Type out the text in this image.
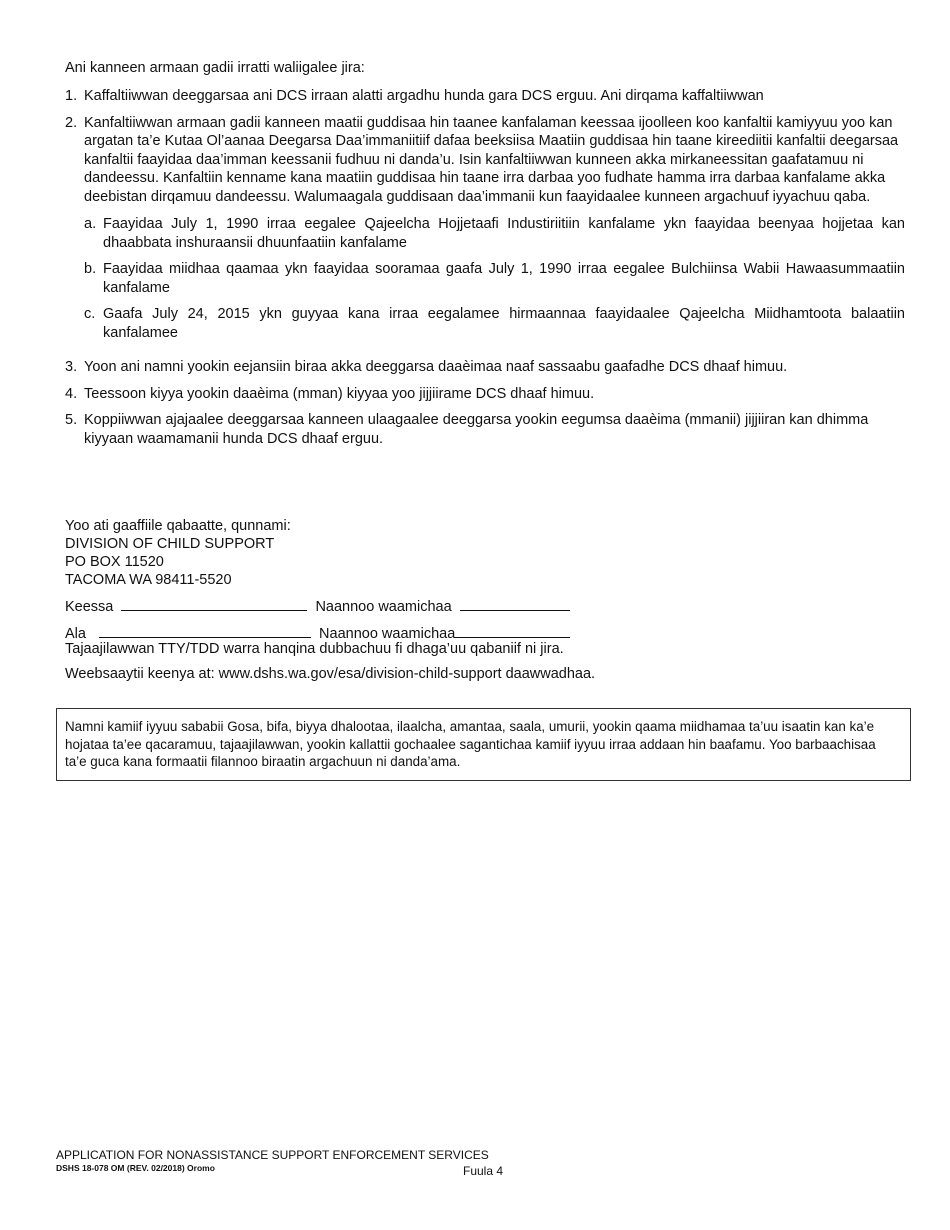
Ani kanneen armaan gadii irratti waliigalee jira:
1. Kaffaltiiwwan deeggarsaa ani DCS irraan alatti argadhu hunda gara DCS erguu. Ani dirqama kaffaltiiwwan
2. Kanfaltiiwwan armaan gadii kanneen maatii guddisaa hin taanee kanfalaman keessaa ijoolleen koo kanfaltii kamiyyuu yoo kan argatan ta’e Kutaa Ol’aanaa Deegarsa Daa’immaniitiif dafaa beeksiisa Maatiin guddisaa hin taane kireediitii kanfaltii deegarsaa kanfaltii faayidaa daa’imman keessanii fudhuu ni danda’u. Isin kanfaltiiwwan kunneen akka mirkaneessitan gaafatamuu ni dandeessu. Kanfaltiin kenname kana maatiin guddisaa hin taane irra darbaa yoo fudhate hamma irra darbaa kanfalame akka deebistan dirqamuu dandeessu. Walumaagala guddisaan daa’immanii kun faayidaalee kunneen argachuuf iyyachuu qaba.
a. Faayidaa July 1, 1990 irraa eegalee Qajeelcha Hojjetaafi Industiriitiin kanfalame ykn faayidaa beenyaa hojjetaa kan dhaabbata inshuraansii dhuunfaatiin kanfalame
b. Faayidaa miidhaa qaamaa ykn faayidaa sooramaa gaafa July 1, 1990 irraa eegalee Bulchiinsa Wabii Hawaasummaatiin kanfalame
c. Gaafa July 24, 2015 ykn guyyaa kana irraa eegalamee hirmaannaa faayidaalee Qajeelcha Miidhamtoota balaatiin kanfalamee
3. Yoon ani namni yookin eejansiin biraa akka deeggarsa daaèimaa naaf sassaabu gaafadhe DCS dhaaf himuu.
4. Teessoon kiyya yookin daaèima (mman) kiyyaa yoo jijjiirame DCS dhaaf himuu.
5. Koppiiwwan ajajaalee deeggarsaa kanneen ulaagaalee deeggarsa yookin eegumsa daaèima (mmanii) jijjiiran kan dhimma kiyyaan waamamanii hunda DCS dhaaf erguu.
Yoo ati gaaffiile qabaatte, qunnami:
DIVISION OF CHILD SUPPORT
PO BOX 11520
TACOMA WA 98411-5520
Keessa	Naannoo waamichaa
Ala	Naannoo waamichaa
Tajaajilawwan TTY/TDD warra hanqina dubbachuu fi dhaga’uu qabaniif ni jira.
Weebsaaytii keenya at: www.dshs.wa.gov/esa/division-child-support daawwadhaa.
Namni kamiif iyyuu sababii Gosa, bifa, biyya dhalootaa, ilaalcha, amantaa, saala, umurii, yookin qaama miidhamaa ta’uu isaatin kan ka’e hojataa ta’ee qacaramuu, tajaajilawwan, yookin kallattii gochaalee sagantichaa kamiif iyyuu irraa addaan hin baafamu. Yoo barbaachisaa ta’e guca kana formaatii filannoo biraatin argachuun ni danda’ama.
APPLICATION FOR NONASSISTANCE SUPPORT ENFORCEMENT SERVICES
DSHS 18-078 OM (REV. 02/2018) Oromo	Fuula 4
